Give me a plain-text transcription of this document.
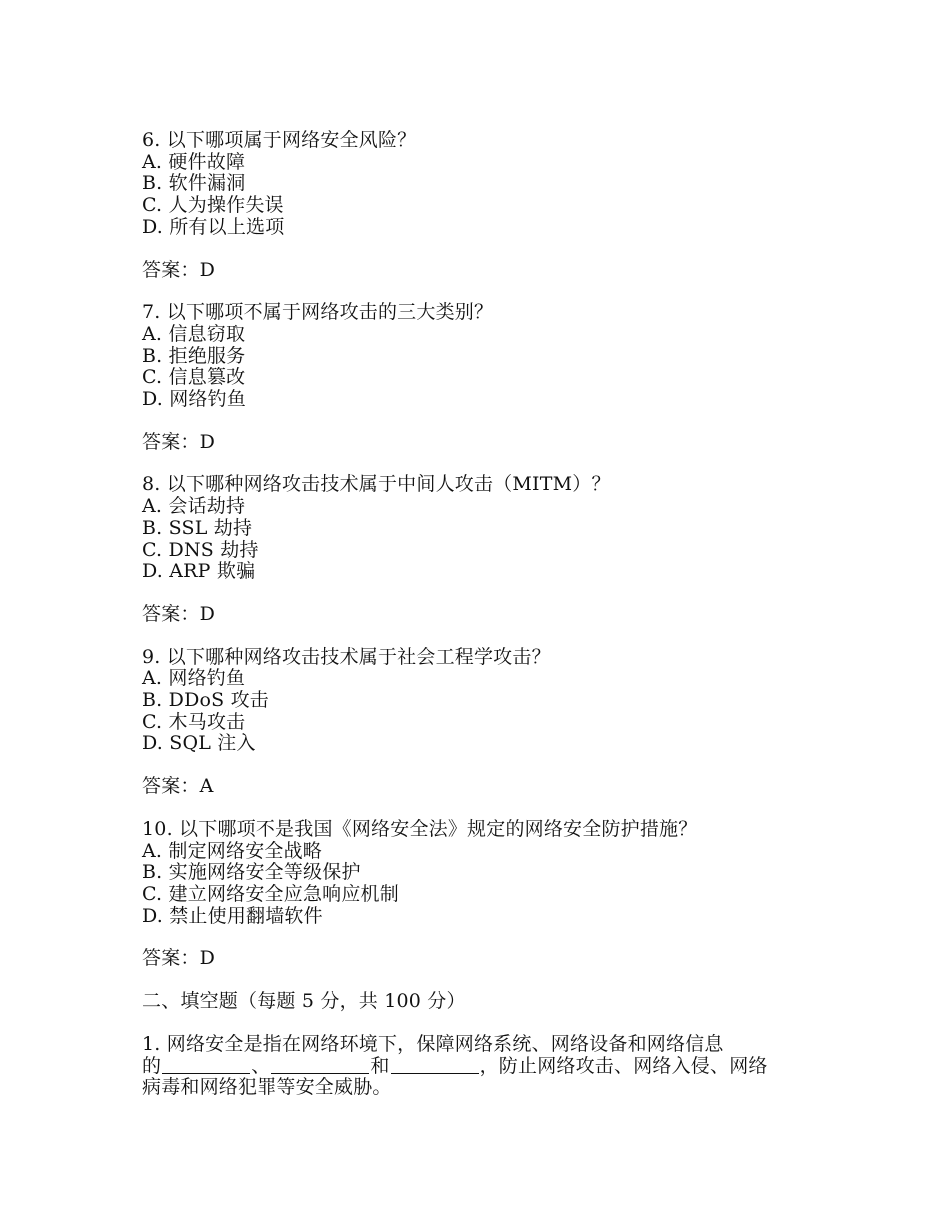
6. 以下哪项属于网络安全风险？
A. 硬件故障
B. 软件漏洞
C. 人为操作失误
D. 所有以上选项
答案：D
7. 以下哪项不属于网络攻击的三大类别？
A. 信息窃取
B. 拒绝服务
C. 信息篡改
D. 网络钓鱼
答案：D
8. 以下哪种网络攻击技术属于中间人攻击（MITM）？
A. 会话劫持
B. SSL 劫持
C. DNS 劫持
D. ARP 欺骗
答案：D
9. 以下哪种网络攻击技术属于社会工程学攻击？
A. 网络钓鱼
B. DDoS 攻击
C. 木马攻击
D. SQL 注入
答案：A
10. 以下哪项不是我国《网络安全法》规定的网络安全防护措施？
A. 制定网络安全战略
B. 实施网络安全等级保护
C. 建立网络安全应急响应机制
D. 禁止使用翻墙软件
答案：D
二、填空题（每题 5 分，共 100 分）
1. 网络安全是指在网络环境下，保障网络系统、网络设备和网络信息
的	、	和	，防止网络攻击、网络入侵、网络
病毒和网络犯罪等安全威胁。
